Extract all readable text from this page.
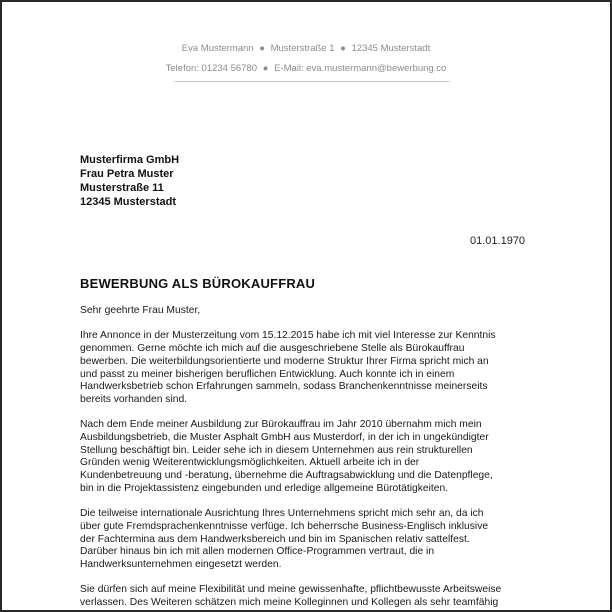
Eva Mustermann ● Musterstraße 1 ● 12345 Musterstadt
Telefon: 01234 56780 ● E-Mail: eva.mustermann@bewerbung.co
Musterfirma GmbH
Frau Petra Muster
Musterstraße 11
12345 Musterstadt
01.01.1970
BEWERBUNG ALS BÜROKAUFFRAU
Sehr geehrte Frau Muster,
Ihre Annonce in der Musterzeitung vom 15.12.2015 habe ich mit viel Interesse zur Kenntnis
genommen. Gerne möchte ich mich auf die ausgeschriebene Stelle als Bürokauffrau
bewerben. Die weiterbildungsorientierte und moderne Struktur Ihrer Firma spricht mich an
und passt zu meiner bisherigen beruflichen Entwicklung. Auch konnte ich in einem
Handwerksbetrieb schon Erfahrungen sammeln, sodass Branchenkenntnisse meinerseits
bereits vorhanden sind.
Nach dem Ende meiner Ausbildung zur Bürokauffrau im Jahr 2010 übernahm mich mein
Ausbildungsbetrieb, die Muster Asphalt GmbH aus Musterdorf, in der ich in ungekündigter
Stellung beschäftigt bin. Leider sehe ich in diesem Unternehmen aus rein strukturellen
Gründen wenig Weiterentwicklungsmöglichkeiten. Aktuell arbeite ich in der
Kundenbetreuung und -beratung, übernehme die Auftragsabwicklung und die Datenpflege,
bin in die Projektassistenz eingebunden und erledige allgemeine Bürotätigkeiten.
Die teilweise internationale Ausrichtung Ihres Unternehmens spricht mich sehr an, da ich
über gute Fremdsprachenkenntnisse verfüge. Ich beherrsche Business-Englisch inklusive
der Fachtermina aus dem Handwerksbereich und bin im Spanischen relativ sattelfest.
Darüber hinaus bin ich mit allen modernen Office-Programmen vertraut, die in
Handwerksunternehmen eingesetzt werden.
Sie dürfen sich auf meine Flexibilität und meine gewissenhafte, pflichtbewusste Arbeitsweise
verlassen. Des Weiteren schätzen mich meine Kolleginnen und Kollegen als sehr teamfähig
